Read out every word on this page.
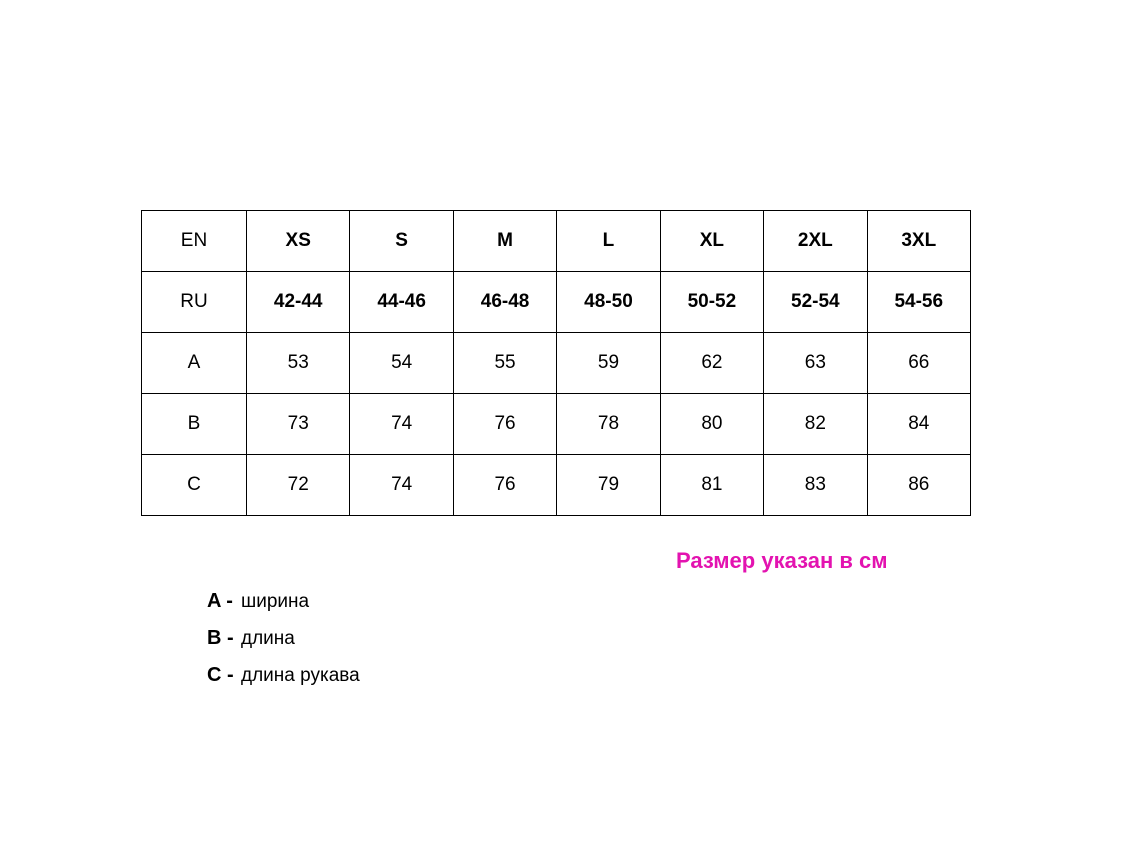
EN	XS	S	M	L	XL	2XL	3XL
RU	42-44	44-46	46-48	48-50	50-52	52-54	54-56
A	53	54	55	59	62	63	66
B	73	74	76	78	80	82	84
C	72	74	76	79	81	83	86
Размер указан в см
A - ширина
B - длина
C - длина рукава
